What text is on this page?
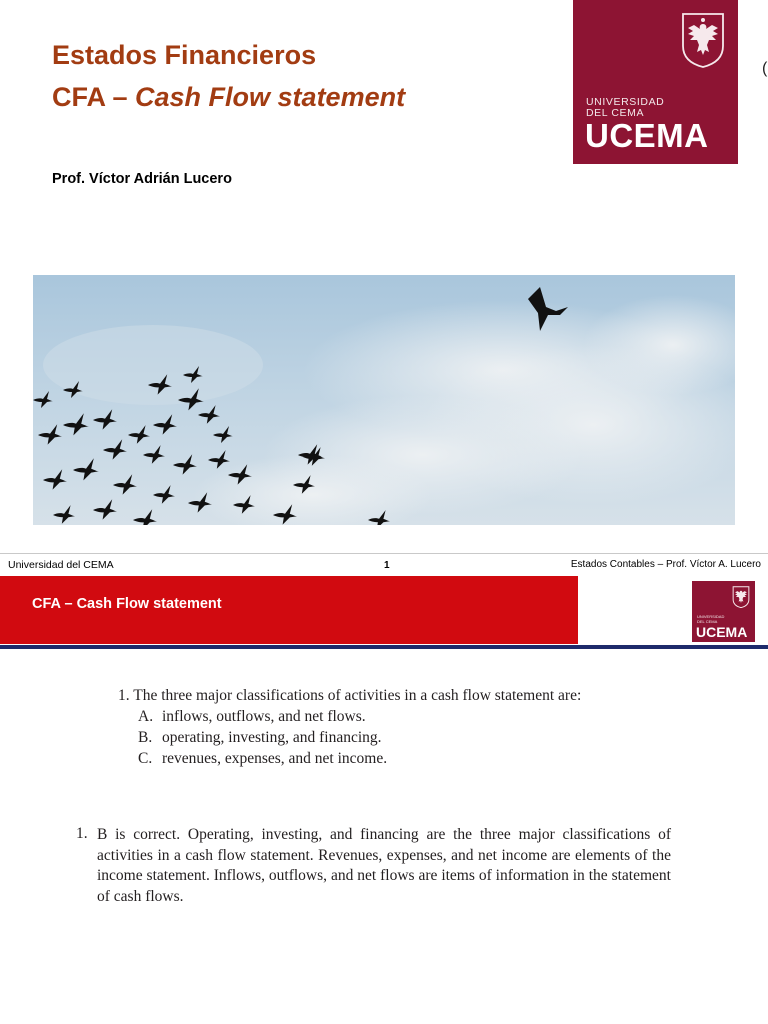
Estados Financieros
CFA – Cash Flow statement
Prof. Víctor Adrián Lucero
UNIVERSIDAD
DEL CEMA
UCEMA
(
Universidad del CEMA	1	Estados Contables – Prof. Víctor A. Lucero
CFA – Cash Flow statement
UNIVERSIDAD
DEL CEMA
UCEMA
1. The three major classifications of activities in a cash flow statement are:
A. inflows, outflows, and net flows.
B. operating, investing, and financing.
C. revenues, expenses, and net income.
1. B is correct. Operating, investing, and financing are the three major classifications of activities in a cash flow statement. Revenues, expenses, and net income are elements of the income statement. Inflows, outflows, and net flows are items of information in the statement of cash flows.
